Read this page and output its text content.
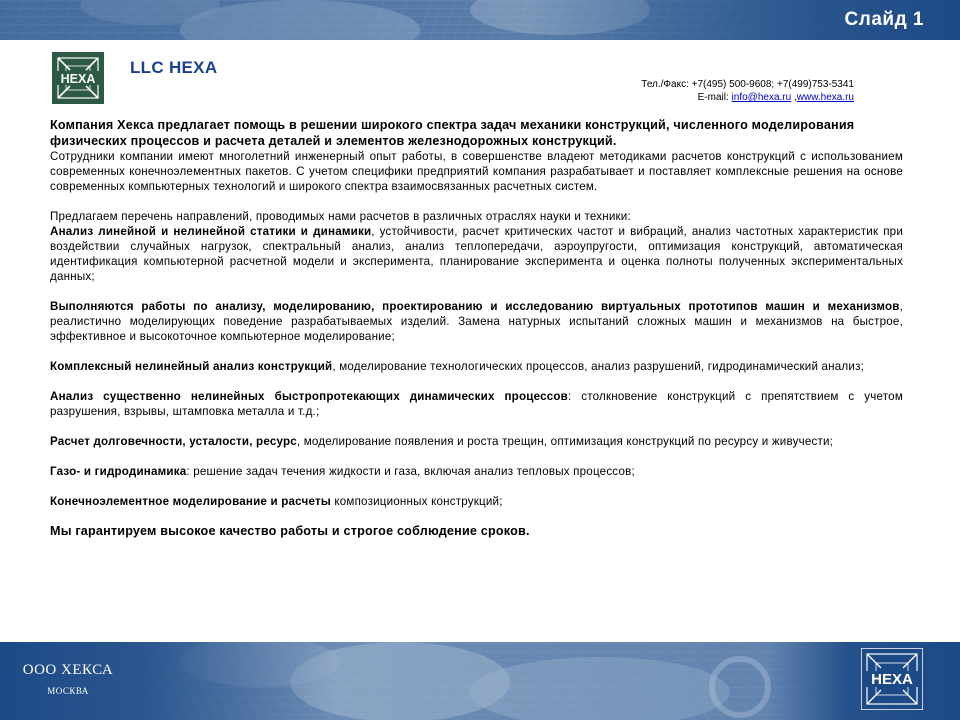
Слайд 1
HEXA
LLC HEXA
Тел./Факс: +7(495) 500-9608; +7(499)753-5341
E-mail: info@hexa.ru ,www.hexa.ru

Компания Хекса предлагает помощь в решении широкого спектра задач механики конструкций, численного моделирования физических процессов и расчета деталей и элементов железнодорожных конструкций.

Сотрудники компании имеют многолетний инженерный опыт работы, в совершенстве владеют методиками расчетов конструкций с использованием современных конечноэлементных пакетов. С учетом специфики предприятий компания разрабатывает и поставляет комплексные решения на основе современных компьютерных технологий и широкого спектра взаимосвязанных расчетных систем.

Предлагаем перечень направлений, проводимых нами расчетов в различных отраслях науки и техники:

Анализ линейной и нелинейной статики и динамики, устойчивости, расчет критических частот и вибраций, анализ частотных характеристик при воздействии случайных нагрузок, спектральный анализ, анализ теплопередачи, аэроупругости, оптимизация конструкций, автоматическая идентификация компьютерной расчетной модели и эксперимента, планирование эксперимента и оценка полноты полученных экспериментальных данных;

Выполняются работы по анализу, моделированию, проектированию и исследованию виртуальных прототипов машин и механизмов, реалистично моделирующих поведение разрабатываемых изделий. Замена натурных испытаний сложных машин и механизмов на быстрое, эффективное и высокоточное компьютерное моделирование;

Комплексный нелинейный анализ конструкций, моделирование технологических процессов, анализ разрушений, гидродинамический анализ;

Анализ существенно нелинейных быстропротекающих динамических процессов: столкновение конструкций с препятствием с учетом разрушения, взрывы, штамповка металла и т.д.;

Расчет долговечности, усталости, ресурс, моделирование появления и роста трещин, оптимизация конструкций по ресурсу и живучести;

Газо- и гидродинамика: решение задач течения жидкости и газа, включая анализ тепловых процессов;

Конечноэлементное моделирование и расчеты композиционных конструкций;

Мы гарантируем высокое качество работы и строгое соблюдение сроков.

ООО ХЕКСА
МОСКВА
HEXA
